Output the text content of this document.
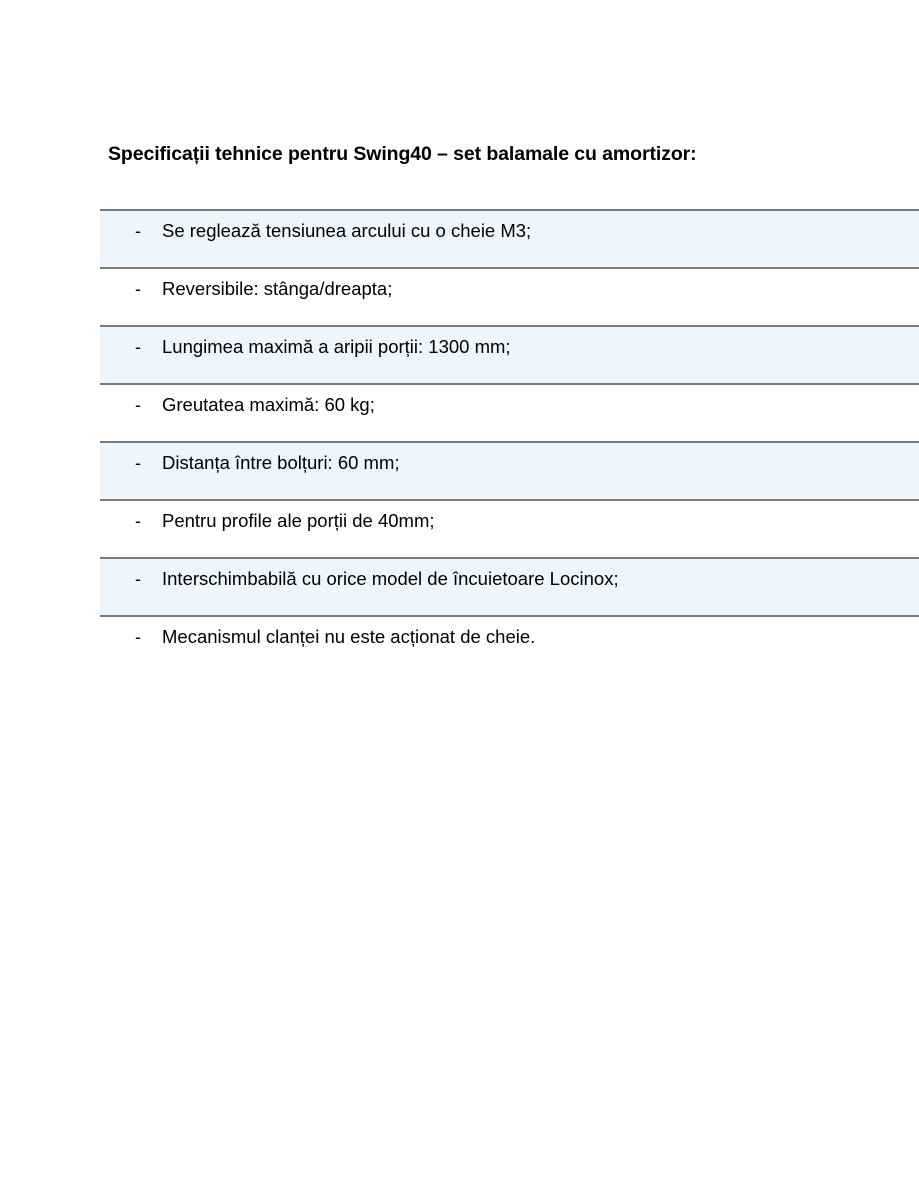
Specificații tehnice pentru Swing40 – set balamale cu amortizor:
- Se reglează tensiunea arcului cu o cheie M3;
- Reversibile: stânga/dreapta;
- Lungimea maximă a aripii porții: 1300 mm;
- Greutatea maximă: 60 kg;
- Distanța între bolțuri: 60 mm;
- Pentru profile ale porții de 40mm;
- Interschimbabilă cu orice model de încuietoare Locinox;
- Mecanismul clanței nu este acționat de cheie.
